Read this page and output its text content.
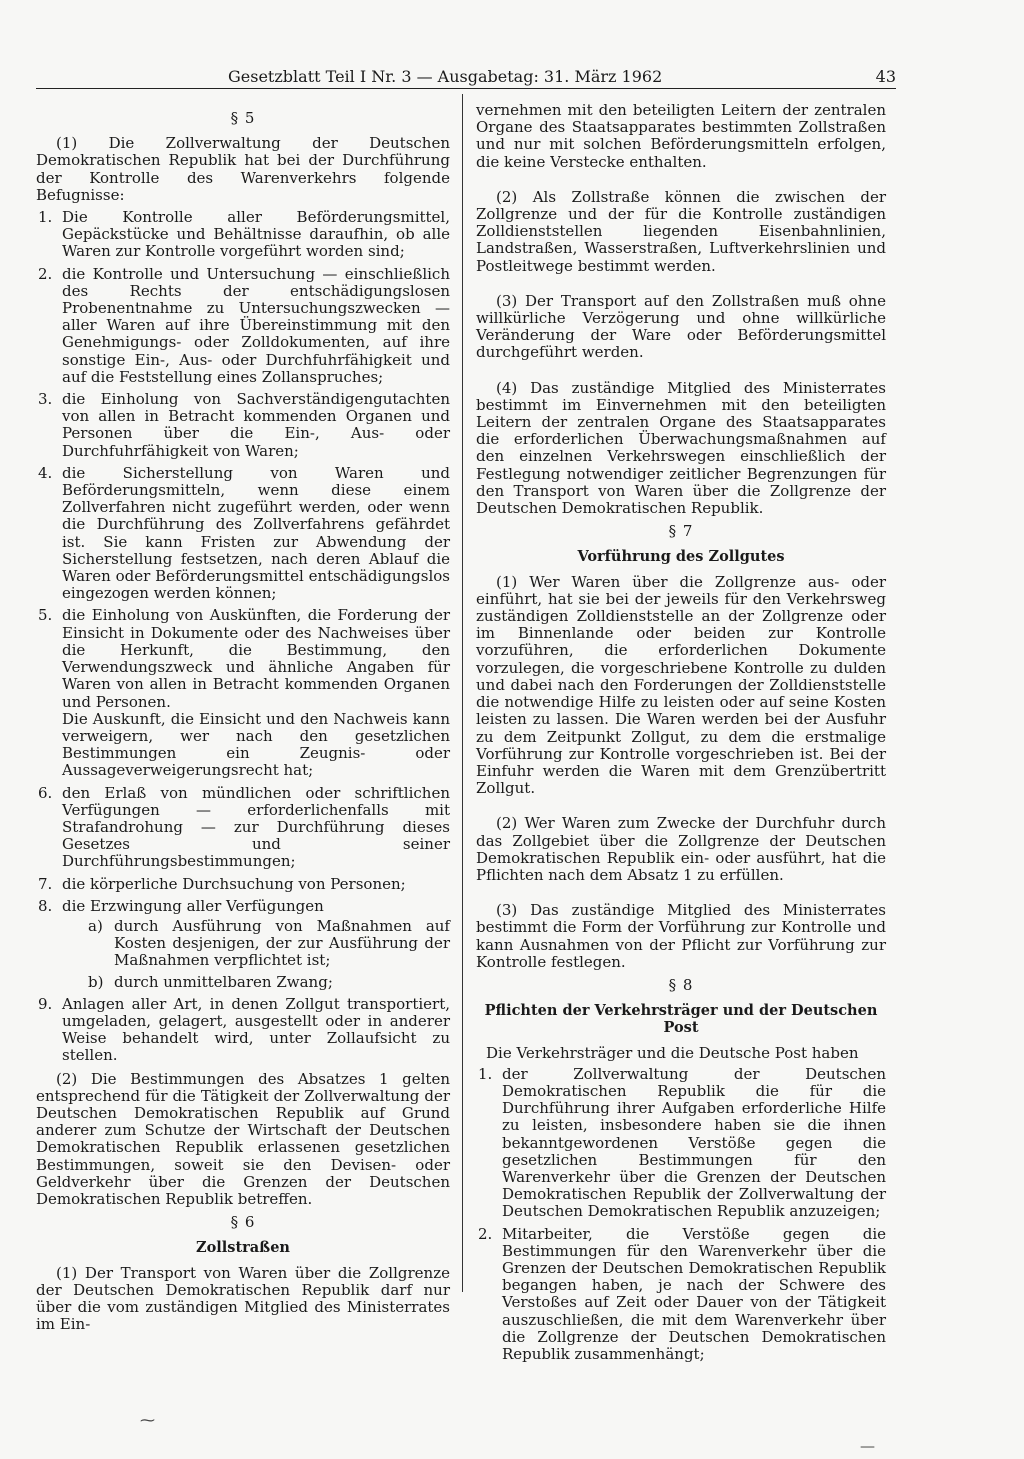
Gesetzblatt Teil I Nr. 3 — Ausgabetag: 31. März 1962	43
§ 5

(1) Die Zollverwaltung der Deutschen Demokratischen Republik hat bei der Durchführung der Kontrolle des Warenverkehrs folgende Befugnisse:

1. Die Kontrolle aller Beförderungsmittel, Gepäckstücke und Behältnisse daraufhin, ob alle Waren zur Kontrolle vorgeführt worden sind;
2. die Kontrolle und Untersuchung — einschließlich des Rechts der entschädigungslosen Probenentnahme zu Untersuchungszwecken — aller Waren auf ihre Übereinstimmung mit den Genehmigungs- oder Zolldokumenten, auf ihre sonstige Ein-, Aus- oder Durchfuhrfähigkeit und auf die Feststellung eines Zollanspruches;
3. die Einholung von Sachverständigengutachten von allen in Betracht kommenden Organen und Personen über die Ein-, Aus- oder Durchfuhrfähigkeit von Waren;
4. die Sicherstellung von Waren und Beförderungsmitteln, wenn diese einem Zollverfahren nicht zugeführt werden, oder wenn die Durchführung des Zollverfahrens gefährdet ist. Sie kann Fristen zur Abwendung der Sicherstellung festsetzen, nach deren Ablauf die Waren oder Beförderungsmittel entschädigungslos eingezogen werden können;
5. die Einholung von Auskünften, die Forderung der Einsicht in Dokumente oder des Nachweises über die Herkunft, die Bestimmung, den Verwendungszweck und ähnliche Angaben für Waren von allen in Betracht kommenden Organen und Personen.

Die Auskunft, die Einsicht und den Nachweis kann verweigern, wer nach den gesetzlichen Bestimmungen ein Zeugnis- oder Aussageverweigerungsrecht hat;

6. den Erlaß von mündlichen oder schriftlichen Verfügungen — erforderlichenfalls mit Strafandrohung — zur Durchführung dieses Gesetzes und seiner Durchführungsbestimmungen;
7. die körperliche Durchsuchung von Personen;
8. die Erzwingung aller Verfügungen
a) durch Ausführung von Maßnahmen auf Kosten desjenigen, der zur Ausführung der Maßnahmen verpflichtet ist;
b) durch unmittelbaren Zwang;
9. Anlagen aller Art, in denen Zollgut transportiert, umgeladen, gelagert, ausgestellt oder in anderer Weise behandelt wird, unter Zollaufsicht zu stellen.

(2) Die Bestimmungen des Absatzes 1 gelten entsprechend für die Tätigkeit der Zollverwaltung der Deutschen Demokratischen Republik auf Grund anderer zum Schutze der Wirtschaft der Deutschen Demokratischen Republik erlassenen gesetzlichen Bestimmungen, soweit sie den Devisen- oder Geldverkehr über die Grenzen der Deutschen Demokratischen Republik betreffen.

§ 6
Zollstraßen

(1) Der Transport von Waren über die Zollgrenze der Deutschen Demokratischen Republik darf nur über die vom zuständigen Mitglied des Ministerrates im Ein-

vernehmen mit den beteiligten Leitern der zentralen Organe des Staatsapparates bestimmten Zollstraßen und nur mit solchen Beförderungsmitteln erfolgen, die keine Verstecke enthalten.

(2) Als Zollstraße können die zwischen der Zollgrenze und der für die Kontrolle zuständigen Zolldienststellen liegenden Eisenbahnlinien, Landstraßen, Wasserstraßen, Luftverkehrslinien und Postleitwege bestimmt werden.

(3) Der Transport auf den Zollstraßen muß ohne willkürliche Verzögerung und ohne willkürliche Veränderung der Ware oder Beförderungsmittel durchgeführt werden.

(4) Das zuständige Mitglied des Ministerrates bestimmt im Einvernehmen mit den beteiligten Leitern der zentralen Organe des Staatsapparates die erforderlichen Überwachungsmaßnahmen auf den einzelnen Verkehrswegen einschließlich der Festlegung notwendiger zeitlicher Begrenzungen für den Transport von Waren über die Zollgrenze der Deutschen Demokratischen Republik.

§ 7
Vorführung des Zollgutes

(1) Wer Waren über die Zollgrenze aus- oder einführt, hat sie bei der jeweils für den Verkehrsweg zuständigen Zolldienststelle an der Zollgrenze oder im Binnenlande oder beiden zur Kontrolle vorzuführen, die erforderlichen Dokumente vorzulegen, die vorgeschriebene Kontrolle zu dulden und dabei nach den Forderungen der Zolldienststelle die notwendige Hilfe zu leisten oder auf seine Kosten leisten zu lassen. Die Waren werden bei der Ausfuhr zu dem Zeitpunkt Zollgut, zu dem die erstmalige Vorführung zur Kontrolle vorgeschrieben ist. Bei der Einfuhr werden die Waren mit dem Grenzübertritt Zollgut.

(2) Wer Waren zum Zwecke der Durchfuhr durch das Zollgebiet über die Zollgrenze der Deutschen Demokratischen Republik ein- oder ausführt, hat die Pflichten nach dem Absatz 1 zu erfüllen.

(3) Das zuständige Mitglied des Ministerrates bestimmt die Form der Vorführung zur Kontrolle und kann Ausnahmen von der Pflicht zur Vorführung zur Kontrolle festlegen.

§ 8
Pflichten der Verkehrsträger und der Deutschen Post

Die Verkehrsträger und die Deutsche Post haben

1. der Zollverwaltung der Deutschen Demokratischen Republik die für die Durchführung ihrer Aufgaben erforderliche Hilfe zu leisten, insbesondere haben sie die ihnen bekanntgewordenen Verstöße gegen die gesetzlichen Bestimmungen für den Warenverkehr über die Grenzen der Deutschen Demokratischen Republik der Zollverwaltung der Deutschen Demokratischen Republik anzuzeigen;
2. Mitarbeiter, die Verstöße gegen die Bestimmungen für den Warenverkehr über die Grenzen der Deutschen Demokratischen Republik begangen haben, je nach der Schwere des Verstoßes auf Zeit oder Dauer von der Tätigkeit auszuschließen, die mit dem Warenverkehr über die Zollgrenze der Deutschen Demokratischen Republik zusammenhängt;
⁓
—
